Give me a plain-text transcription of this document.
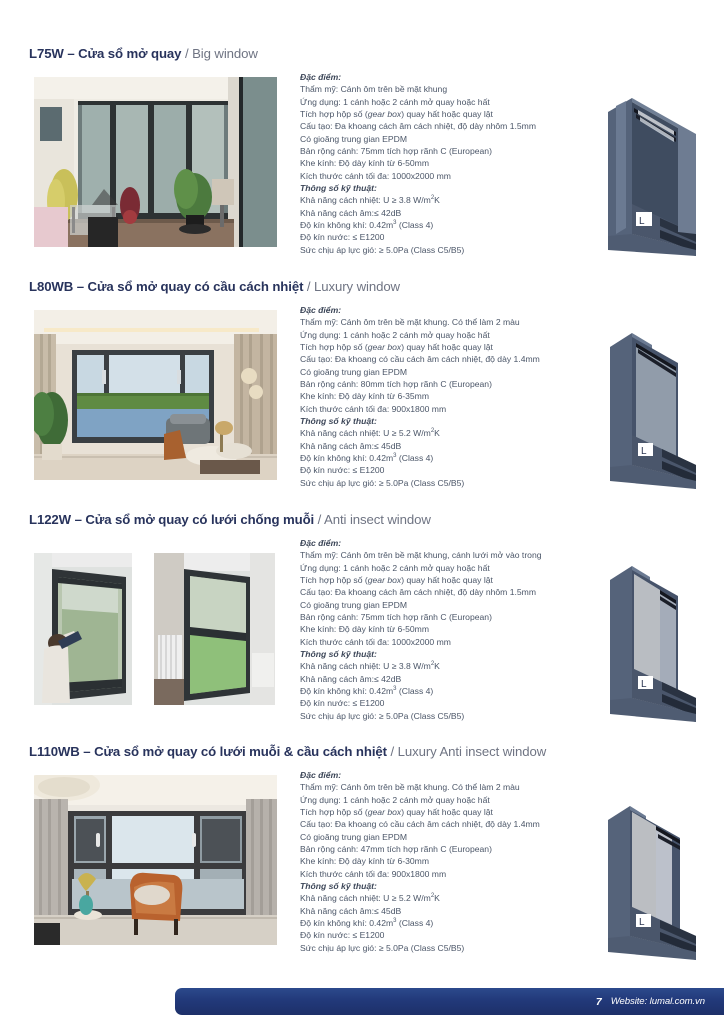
L75W – Cửa sổ mở quay / Big window
Đặc điểm:
Thẩm mỹ: Cánh ôm trên bề mặt khung
Ứng dụng: 1 cánh hoặc 2 cánh mở quay hoặc hất
Tích hợp hộp số (gear box) quay hất hoặc quay lật
Cấu tạo: Đa khoang cách âm cách nhiệt, độ dày nhôm 1.5mm
Có gioăng trung gian EPDM
Bản rộng cánh: 75mm tích hợp rãnh C (European)
Khe kính: Độ dày kính từ 6-50mm
Kích thước cánh tối đa: 1000x2000 mm
Thông số kỹ thuật:
Khả năng cách nhiệt: U ≥ 3.8 $W/m^2K$
Khả năng cách âm:≤ 42dB
Độ kín không khí: $0.42m^3$ (Class 4)
Độ kín nước: ≤ E1200
Sức chịu áp lực gió: ≥ 5.0Pa (Class C5/B5)
L
L80WB – Cửa sổ mở quay có cầu cách nhiệt / Luxury window
Đặc điểm:
Thẩm mỹ: Cánh ôm trên bề mặt khung. Có thể làm 2 màu
Ứng dụng: 1 cánh hoặc 2 cánh mở quay hoặc hất
Tích hợp hộp số (gear box) quay hất hoặc quay lật
Cấu tạo: Đa khoang có cầu cách âm cách nhiệt, độ dày 1.4mm
Có gioăng trung gian EPDM
Bản rộng cánh: 80mm tích hợp rãnh C (European)
Khe kính: Độ dày kính từ 6-35mm
Kích thước cánh tối đa: 900x1800 mm
Thông số kỹ thuật:
Khả năng cách nhiệt: U ≥ 5.2 $W/m^2K$
Khả năng cách âm:≤ 45dB
Độ kín không khí: $0.42m^3$ (Class 4)
Độ kín nước: ≤ E1200
Sức chịu áp lực gió: ≥ 5.0Pa (Class C5/B5)
L
L122W – Cửa sổ mở quay có lưới chống muỗi / Anti insect window
Đặc điểm:
Thẩm mỹ: Cánh ôm trên bề mặt khung, cánh lưới mở vào trong
Ứng dụng: 1 cánh hoặc 2 cánh mở quay hoặc hất
Tích hợp hộp số (gear box) quay hất hoặc quay lật
Cấu tạo: Đa khoang cách âm cách nhiệt, độ dày nhôm 1.5mm
Có gioăng trung gian EPDM
Bản rộng cánh: 75mm tích hợp rãnh C (European)
Khe kính: Độ dày kính từ 6-50mm
Kích thước cánh tối đa: 1000x2000 mm
Thông số kỹ thuật:
Khả năng cách nhiệt: U ≥ 3.8 $W/m^2K$
Khả năng cách âm:≤ 42dB
Độ kín không khí: $0.42m^3$ (Class 4)
Độ kín nước: ≤ E1200
Sức chịu áp lực gió: ≥ 5.0Pa (Class C5/B5)
L
L110WB – Cửa sổ mở quay có lưới muỗi & cầu cách nhiệt / Luxury Anti insect window
Đặc điểm:
Thẩm mỹ: Cánh ôm trên bề mặt khung. Có thể làm 2 màu
Ứng dụng: 1 cánh hoặc 2 cánh mở quay hoặc hất
Tích hợp hộp số (gear box) quay hất hoặc quay lật
Cấu tạo: Đa khoang có cầu cách âm cách nhiệt, độ dày 1.4mm
Có gioăng trung gian EPDM
Bản rộng cánh: 47mm tích hợp rãnh C (European)
Khe kính: Độ dày kính từ 6-30mm
Kích thước cánh tối đa: 900x1800 mm
Thông số kỹ thuật:
Khả năng cách nhiệt: U ≥ 5.2 $W/m^2K$
Khả năng cách âm:≤ 45dB
Độ kín không khí: $0.42m^3$ (Class 4)
Độ kín nước: ≤ E1200
Sức chịu áp lực gió: ≥ 5.0Pa (Class C5/B5)
L
7 Website: lumal.com.vn
